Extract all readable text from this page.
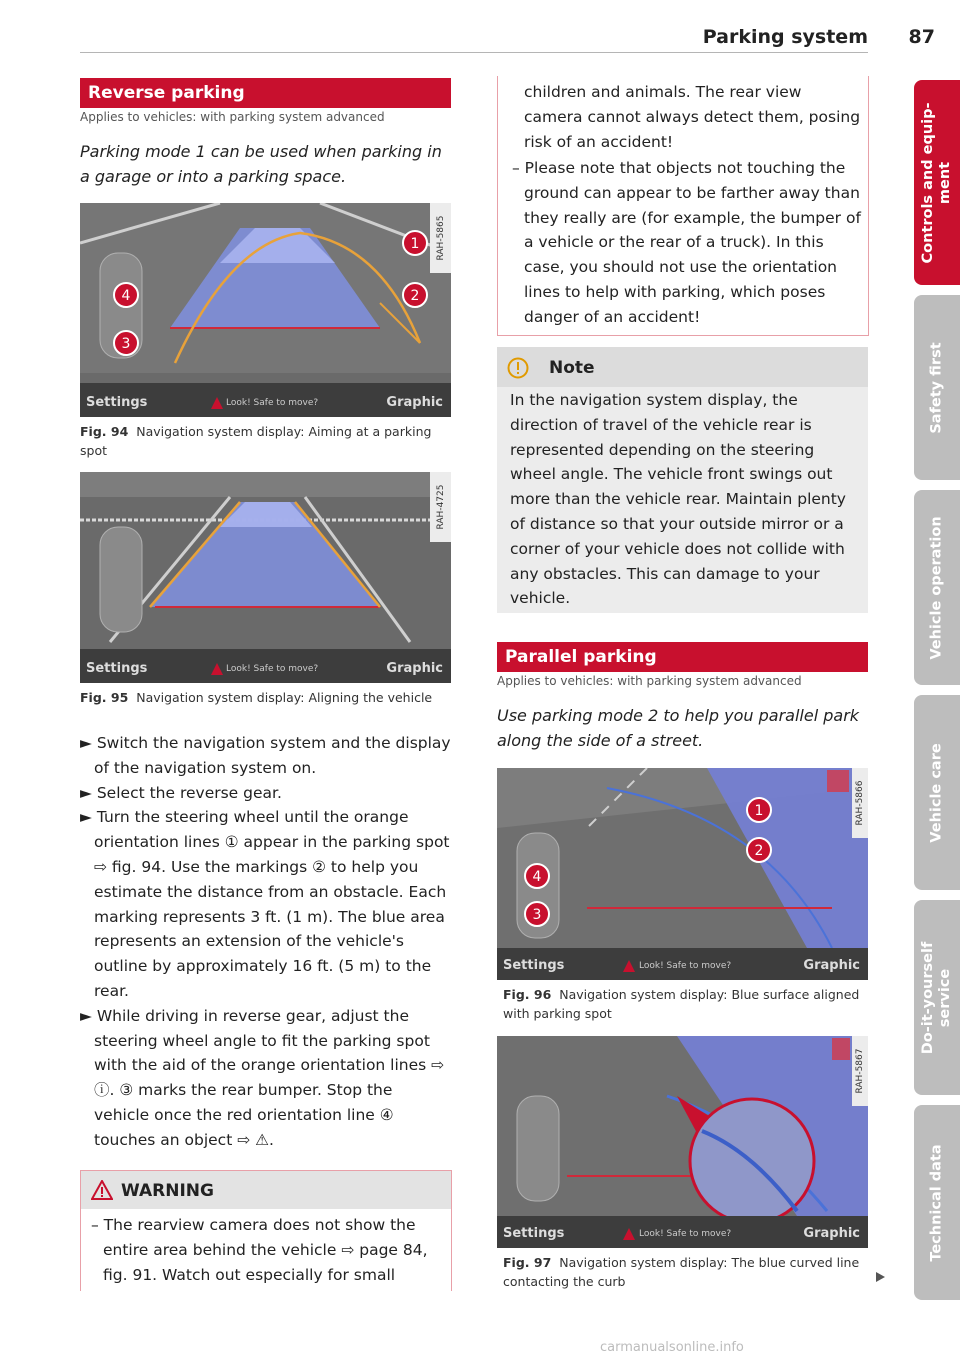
Parking system 87
Reverse parking
Applies to vehicles: with parking system advanced
Parking mode 1 can be used when parking in a garage or into a parking space.
1
2
4
3
Settings	Look! Safe to move?	Graphic
RAH-5865
Fig. 94 Navigation system display: Aiming at a parking spot
Settings	Look! Safe to move?	Graphic
RAH-4725
Fig. 95 Navigation system display: Aligning the vehicle

► Switch the navigation system and the display of the navigation system on.

► Select the reverse gear.

► Turn the steering wheel until the orange orientation lines ① appear in the parking spot ⇨ fig. 94. Use the markings ② to help you estimate the distance from an obstacle. Each marking represents 3 ft. (1 m). The blue area represents an extension of the vehicle's outline by approximately 16 ft. (5 m) to the rear.

► While driving in reverse gear, adjust the steering wheel angle to fit the parking spot with the aid of the orange orientation lines ⇨ ⓘ. ③ marks the rear bumper. Stop the vehicle once the red orientation line ④ touches an object ⇨ ⚠.

WARNING
– The rearview camera does not show the entire area behind the vehicle ⇨ page 84, fig. 91. Watch out especially for small
children and animals. The rear view camera cannot always detect them, posing risk of an accident!
– Please note that objects not touching the ground can appear to be farther away than they really are (for example, the bumper of a vehicle or the rear of a truck). In this case, you should not use the orientation lines to help with parking, which poses danger of an accident!
Note
In the navigation system display, the direction of travel of the vehicle rear is represented depending on the steering wheel angle. The vehicle front swings out more than the vehicle rear. Maintain plenty of distance so that your outside mirror or a corner of your vehicle does not collide with any obstacles. This can damage to your vehicle.
Parallel parking
Applies to vehicles: with parking system advanced
Use parking mode 2 to help you parallel park along the side of a street.
1
2
4
3
Settings	Look! Safe to move?	Graphic
RAH-5866
Fig. 96 Navigation system display: Blue surface aligned with parking spot
Settings	Look! Safe to move?	Graphic
RAH-5867
Fig. 97 Navigation system display: The blue curved line contacting the curb
Controls and equip-
ment
Safety first
Vehicle operation
Vehicle care
Do-it-yourself
service
Technical data
carmanualsonline.info
